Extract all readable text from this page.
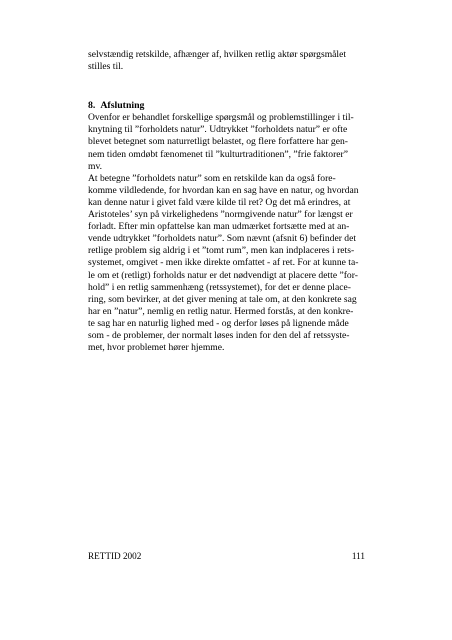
selvstændig retskilde, afhænger af, hvilken retlig aktør spørgsmålet
stilles til.

8. Afslutning

Ovenfor er behandlet forskellige spørgsmål og problemstillinger i til-
knytning til ”forholdets natur”. Udtrykket ”forholdets natur” er ofte
blevet betegnet som naturretligt belastet, og flere forfattere har gen-
nem tiden omdøbt fænomenet til ”kulturtraditionen”, ”frie faktorer”
mv.

At betegne ”forholdets natur” som en retskilde kan da også fore-
komme vildledende, for hvordan kan en sag have en natur, og hvordan
kan denne natur i givet fald være kilde til ret? Og det må erindres, at
Aristoteles’ syn på virkelighedens ”normgivende natur” for længst er
forladt. Efter min opfattelse kan man udmærket fortsætte med at an-
vende udtrykket ”forholdets natur”. Som nævnt (afsnit 6) befinder det
retlige problem sig aldrig i et ”tomt rum”, men kan indplaceres i rets-
systemet, omgivet - men ikke direkte omfattet - af ret. For at kunne ta-
le om et (retligt) forholds natur er det nødvendigt at placere dette ”for-
hold” i en retlig sammenhæng (retssystemet), for det er denne place-
ring, som bevirker, at det giver mening at tale om, at den konkrete sag
har en ”natur”, nemlig en retlig natur. Hermed forstås, at den konkre-
te sag har en naturlig lighed med - og derfor løses på lignende måde
som - de problemer, der normalt løses inden for den del af retssyste-
met, hvor problemet hører hjemme.

RETTID 2002	111
